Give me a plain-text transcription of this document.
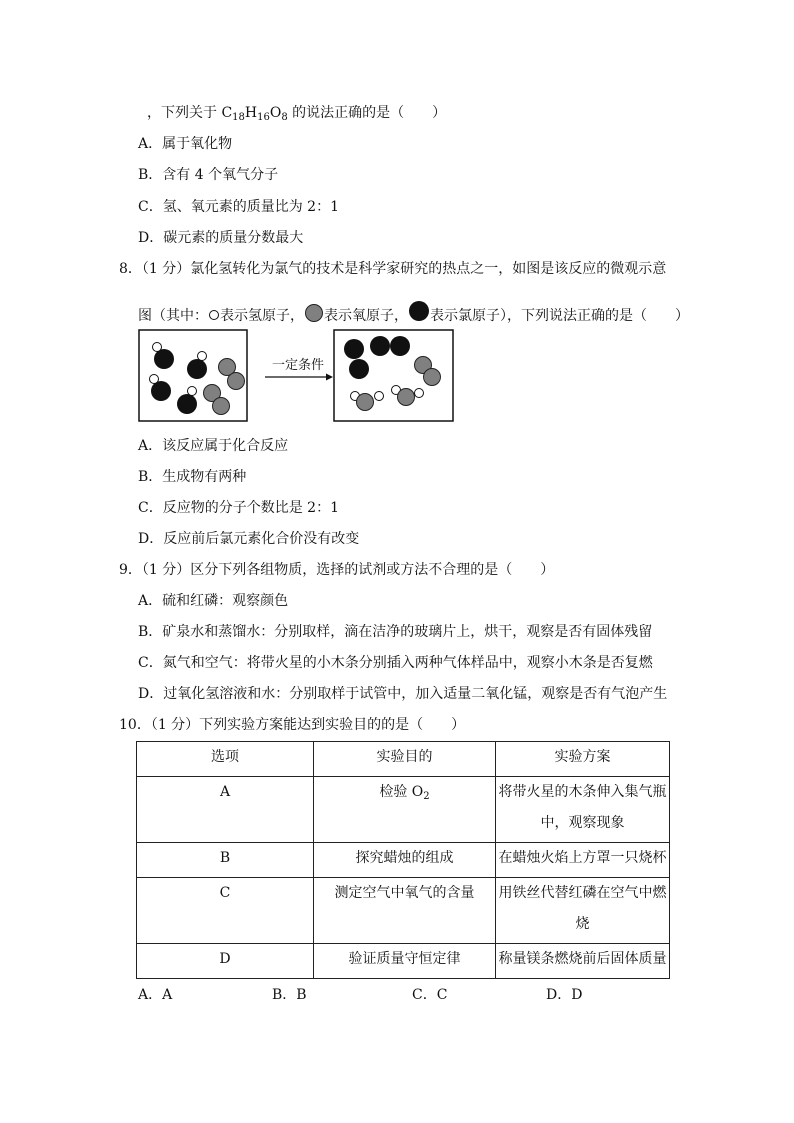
，下列关于 $C_{18}H_{16}O_8$ 的说法正确的是（　　）
A．属于氧化物
B．含有 4 个氧气分子
C．氢、氧元素的质量比为 2：1
D．碳元素的质量分数最大
8．（1 分）氯化氢转化为氯气的技术是科学家研究的热点之一，如图是该反应的微观示意
图（其中： 表示氢原子， 表示氧原子， 表示氯原子），下列说法正确的是（　　）
一定条件
A．该反应属于化合反应
B．生成物有两种
C．反应物的分子个数比是 2：1
D．反应前后氯元素化合价没有改变
9．（1 分）区分下列各组物质，选择的试剂或方法不合理的是（　　）
A．硫和红磷：观察颜色
B．矿泉水和蒸馏水：分别取样，滴在洁净的玻璃片上，烘干，观察是否有固体残留
C．氮气和空气：将带火星的小木条分别插入两种气体样品中，观察小木条是否复燃
D．过氧化氢溶液和水：分别取样于试管中，加入适量二氧化锰，观察是否有气泡产生
10．（1 分）下列实验方案能达到实验目的的是（　　）
选项	实验目的	实验方案
A	检验 $O_2$	将带火星的木条伸入集气瓶
中，观察现象

B	探究蜡烛的组成	在蜡烛火焰上方罩一只烧杯
C	测定空气中氧气的含量	用铁丝代替红磷在空气中燃
烧

D	验证质量守恒定律	称量镁条燃烧前后固体质量
A．A	B．B	C．C	D．D
